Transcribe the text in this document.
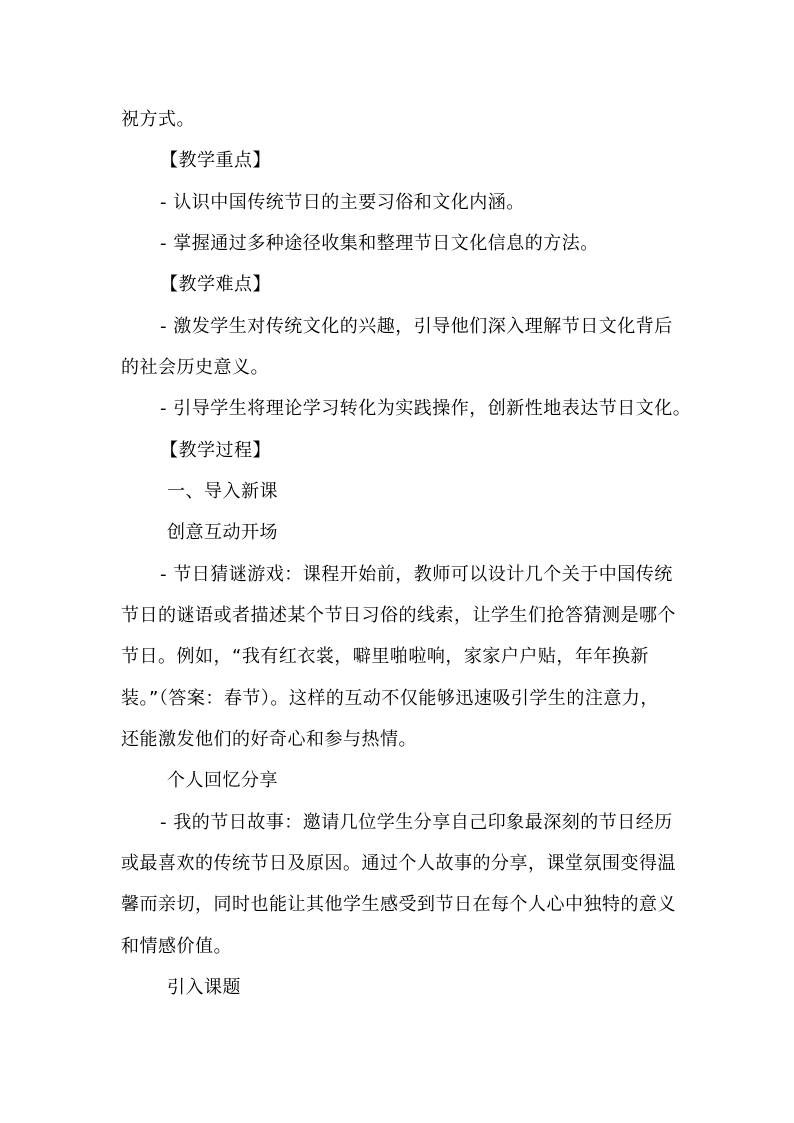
祝方式。
【教学重点】
- 认识中国传统节日的主要习俗和文化内涵。
- 掌握通过多种途径收集和整理节日文化信息的方法。
【教学难点】
- 激发学生对传统文化的兴趣，引导他们深入理解节日文化背后
的社会历史意义。
- 引导学生将理论学习转化为实践操作，创新性地表达节日文化。
【教学过程】
一、导入新课
创意互动开场
- 节日猜谜游戏：课程开始前，教师可以设计几个关于中国传统
节日的谜语或者描述某个节日习俗的线索，让学生们抢答猜测是哪个
节日。例如，“我有红衣裳，噼里啪啦响，家家户户贴，年年换新
装。”（答案：春节）。这样的互动不仅能够迅速吸引学生的注意力，
还能激发他们的好奇心和参与热情。
个人回忆分享
- 我的节日故事：邀请几位学生分享自己印象最深刻的节日经历
或最喜欢的传统节日及原因。通过个人故事的分享，课堂氛围变得温
馨而亲切，同时也能让其他学生感受到节日在每个人心中独特的意义
和情感价值。
引入课题
